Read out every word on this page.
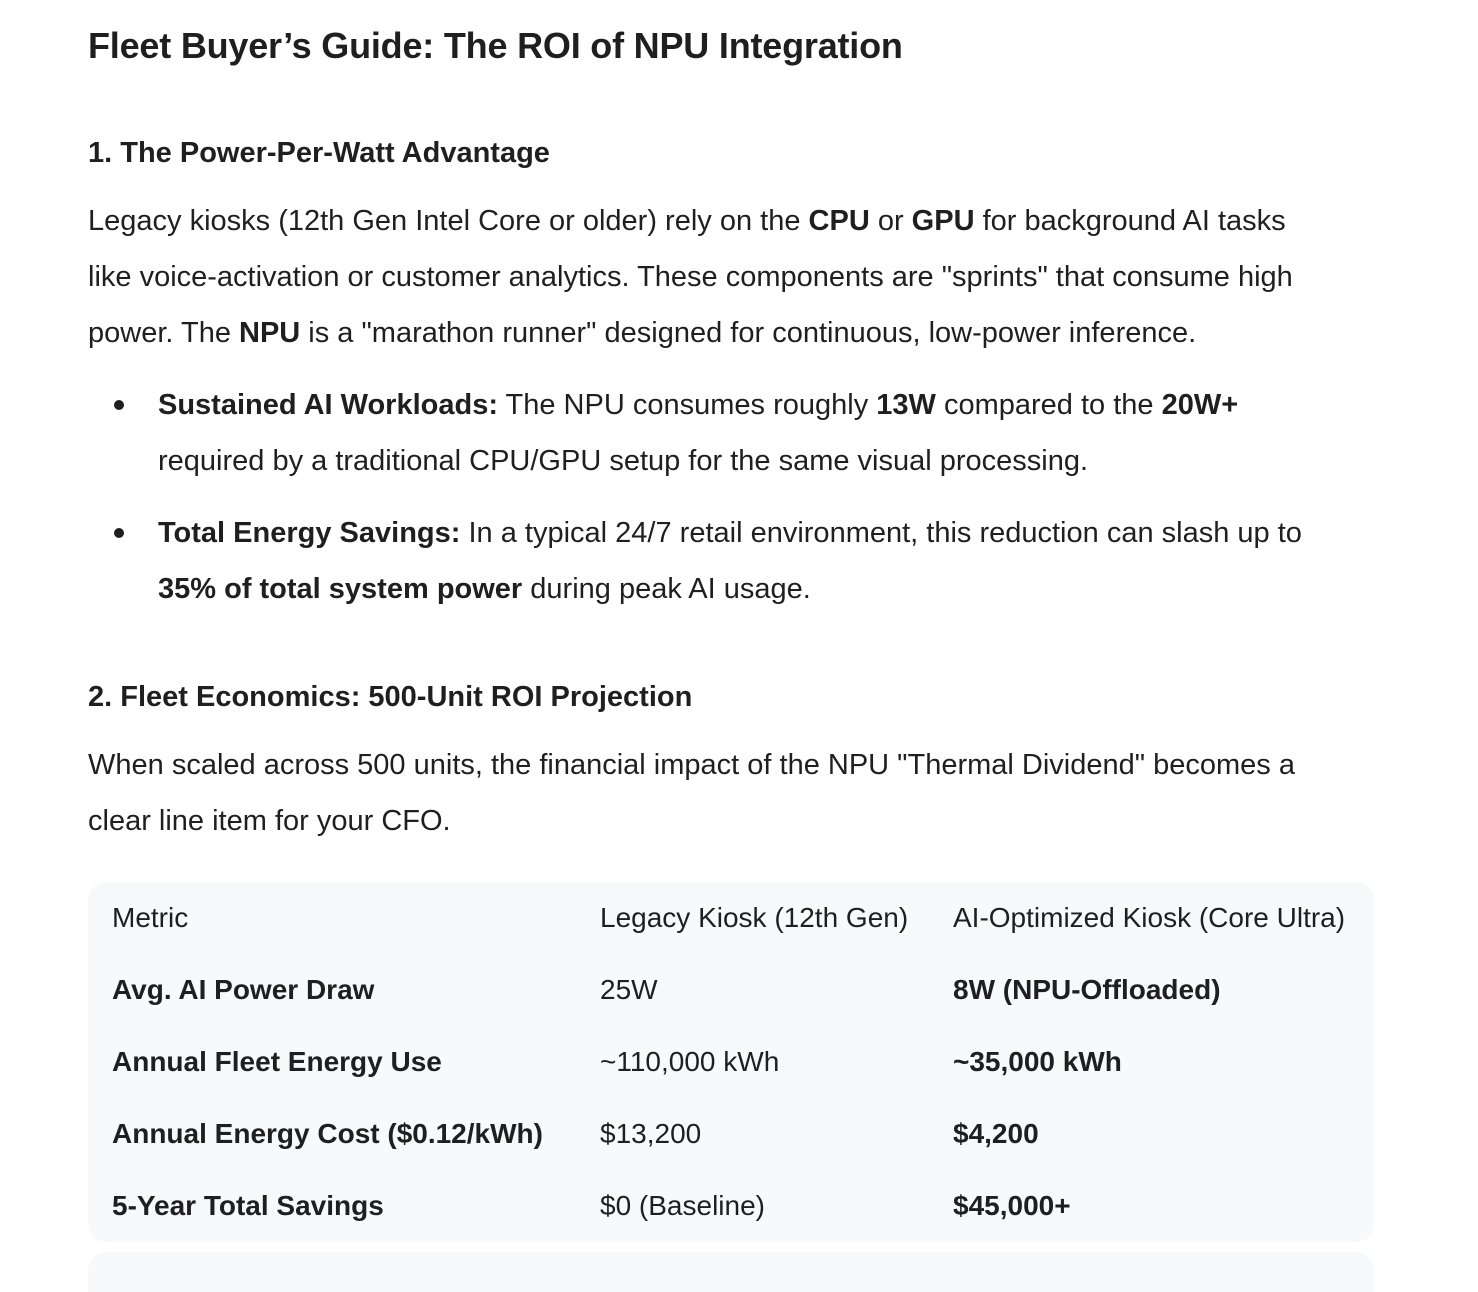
Fleet Buyer’s Guide: The ROI of NPU Integration
1. The Power-Per-Watt Advantage

Legacy kiosks (12th Gen Intel Core or older) rely on the CPU or GPU for background AI tasks
like voice-activation or customer analytics. These components are "sprints" that consume high
power. The NPU is a "marathon runner" designed for continuous, low-power inference.

Sustained AI Workloads: The NPU consumes roughly 13W compared to the 20W+
required by a traditional CPU/GPU setup for the same visual processing.
Total Energy Savings: In a typical 24/7 retail environment, this reduction can slash up to
35% of total system power during peak AI usage.
2. Fleet Economics: 500-Unit ROI Projection

When scaled across 500 units, the financial impact of the NPU "Thermal Dividend" becomes a
clear line item for your CFO.

Metric	Legacy Kiosk (12th Gen)	AI-Optimized Kiosk (Core Ultra)
Avg. AI Power Draw	25W	8W (NPU-Offloaded)
Annual Fleet Energy Use	~110,000 kWh	~35,000 kWh
Annual Energy Cost ($0.12/kWh)	$13,200	$4,200
5-Year Total Savings	$0 (Baseline)	$45,000+
